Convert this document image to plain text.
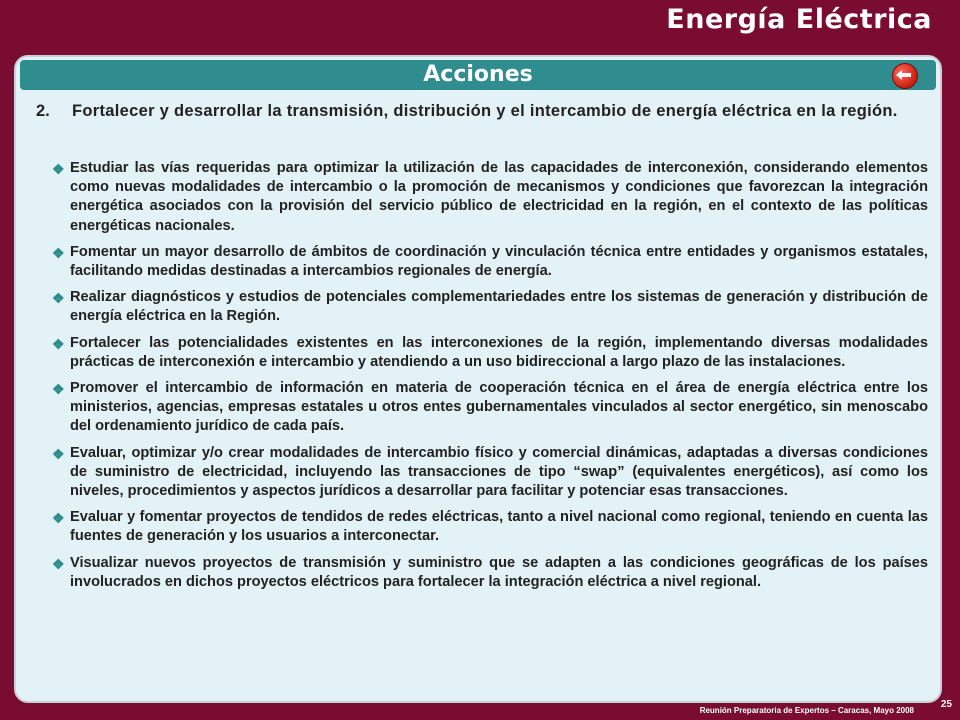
Energía Eléctrica
Acciones
2.	Fortalecer y desarrollar la transmisión, distribución y el intercambio de energía eléctrica en la región.
❖ Estudiar las vías requeridas para optimizar la utilización de las capacidades de interconexión, considerando elementos como nuevas modalidades de intercambio o la promoción de mecanismos y condiciones que favorezcan la integración energética asociados con la provisión del servicio público de electricidad en la región, en el contexto de las políticas energéticas nacionales.
❖ Fomentar un mayor desarrollo de ámbitos de coordinación y vinculación técnica entre entidades y organismos estatales, facilitando medidas destinadas a intercambios regionales de energía.
❖ Realizar diagnósticos y estudios de potenciales complementariedades entre los sistemas de generación y distribución de energía eléctrica en la Región.
❖ Fortalecer las potencialidades existentes en las interconexiones de la región, implementando diversas modalidades prácticas de interconexión e intercambio y atendiendo a un uso bidireccional a largo plazo de las instalaciones.
❖ Promover el intercambio de información en materia de cooperación técnica en el área de energía eléctrica entre los ministerios, agencias, empresas estatales u otros entes gubernamentales vinculados al sector energético, sin menoscabo del ordenamiento jurídico de cada país.
❖ Evaluar, optimizar y/o crear modalidades de intercambio físico y comercial dinámicas, adaptadas a diversas condiciones de suministro de electricidad, incluyendo las transacciones de tipo “swap” (equivalentes energéticos), así como los niveles, procedimientos y aspectos jurídicos a desarrollar para facilitar y potenciar esas transacciones.
❖ Evaluar y fomentar proyectos de tendidos de redes eléctricas, tanto a nivel nacional como regional, teniendo en cuenta las fuentes de generación y los usuarios a interconectar.
❖ Visualizar nuevos proyectos de transmisión y suministro que se adapten a las condiciones geográficas de los países involucrados en dichos proyectos eléctricos para fortalecer la integración eléctrica a nivel regional.
Reunión Preparatoria de Expertos – Caracas, Mayo 2008
25
